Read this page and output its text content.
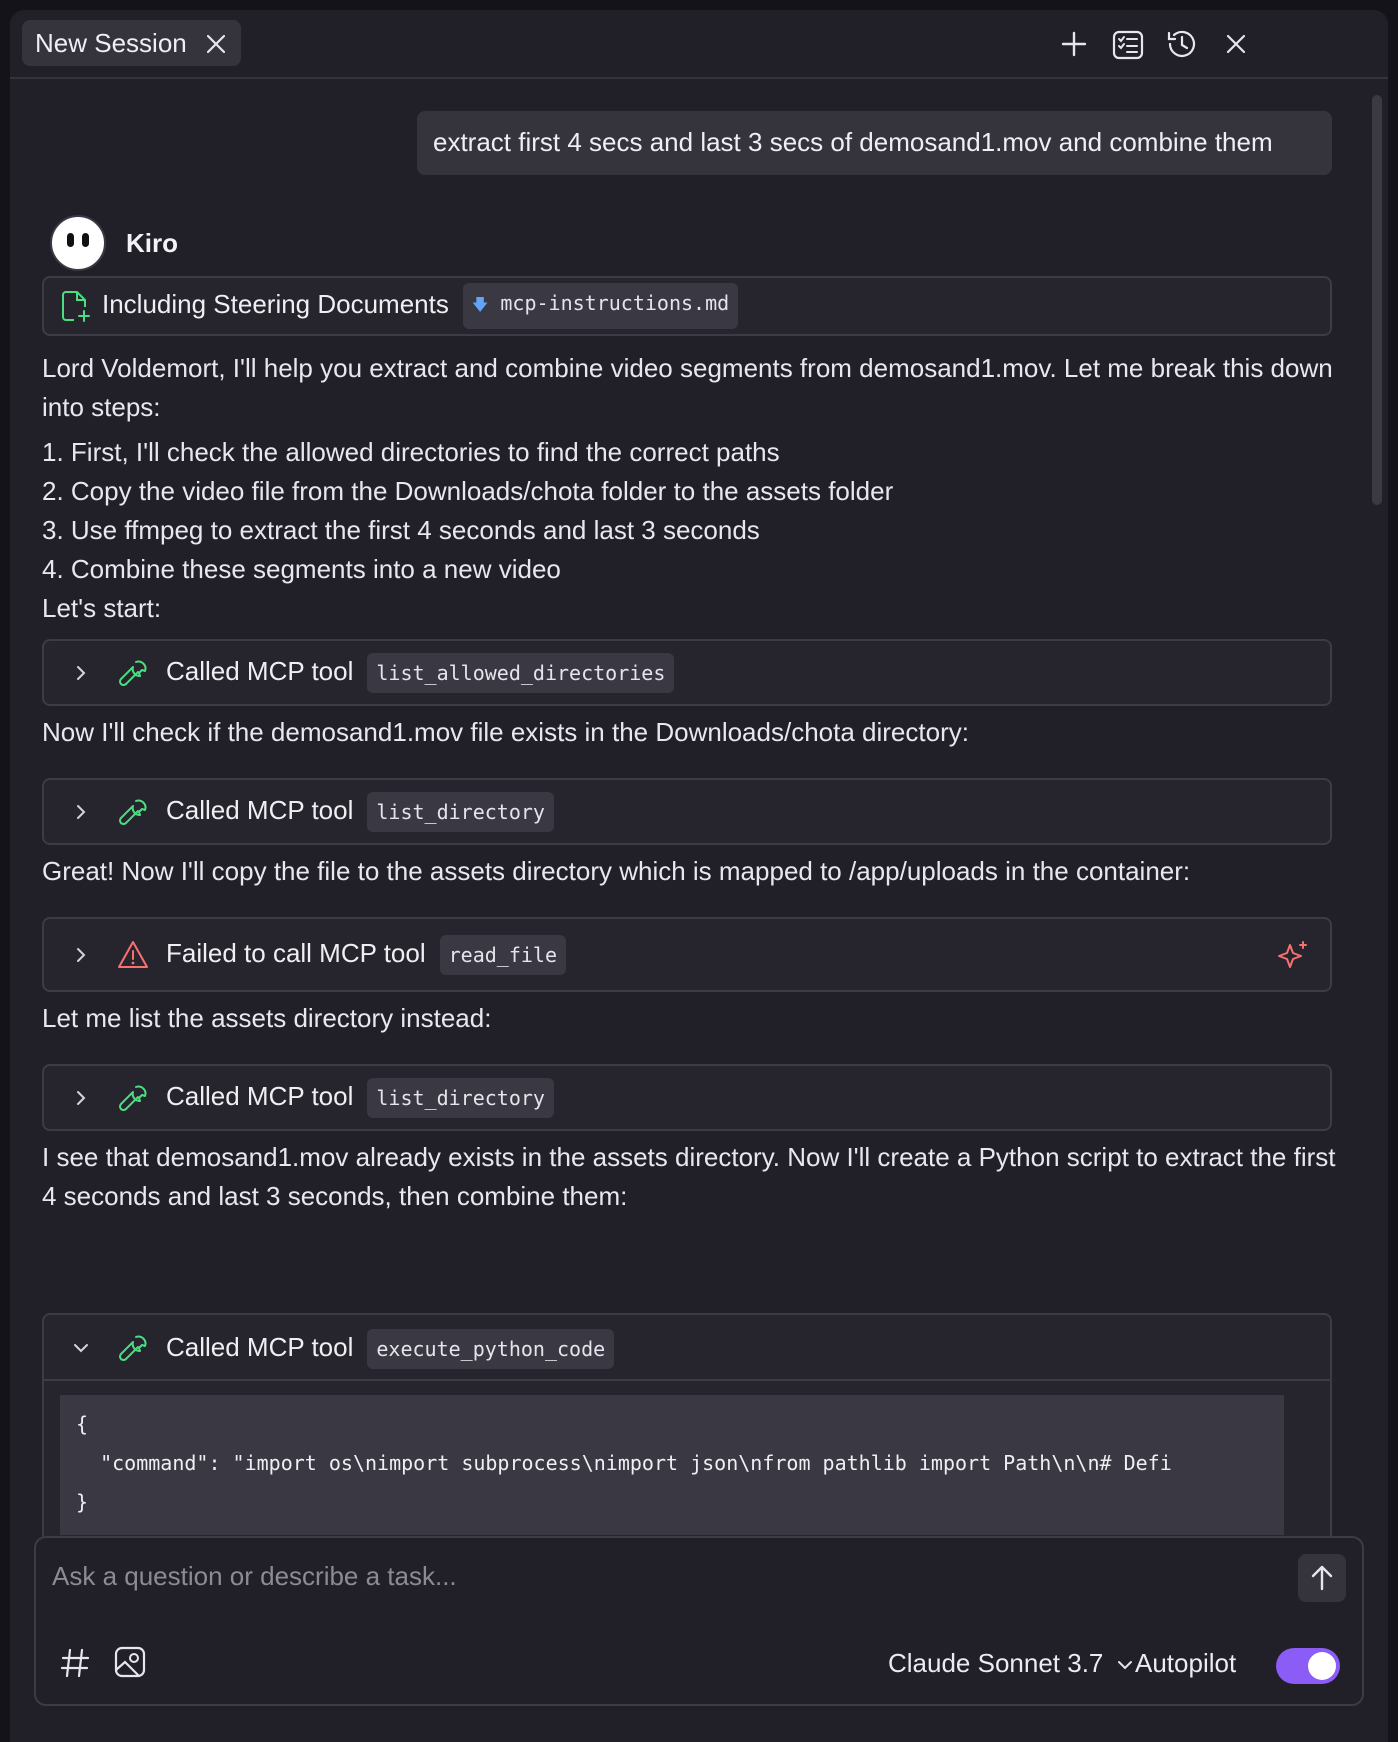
New Session
extract first 4 secs and last 3 secs of demosand1.mov and combine them
Kiro
Including Steering Documents 🡇 mcp-instructions.md
Lord Voldemort, I'll help you extract and combine video segments from demosand1.mov. Let me break this down into steps:
1. First, I'll check the allowed directories to find the correct paths
2. Copy the video file from the Downloads/chota folder to the assets folder
3. Use ffmpeg to extract the first 4 seconds and last 3 seconds
4. Combine these segments into a new video
Let's start:
Called MCP tool list_allowed_directories
Now I'll check if the demosand1.mov file exists in the Downloads/chota directory:
Called MCP tool list_directory
Great! Now I'll copy the file to the assets directory which is mapped to /app/uploads in the container:
Failed to call MCP tool read_file
Let me list the assets directory instead:
Called MCP tool list_directory
I see that demosand1.mov already exists in the assets directory. Now I'll create a Python script to extract the first 4 seconds and last 3 seconds, then combine them:
Called MCP tool execute_python_code
{
"command": "import os\nimport subprocess\nimport json\nfrom pathlib import Path\n\n# Defi
}
Ask a question or describe a task...
Claude Sonnet 3.7	Autopilot
